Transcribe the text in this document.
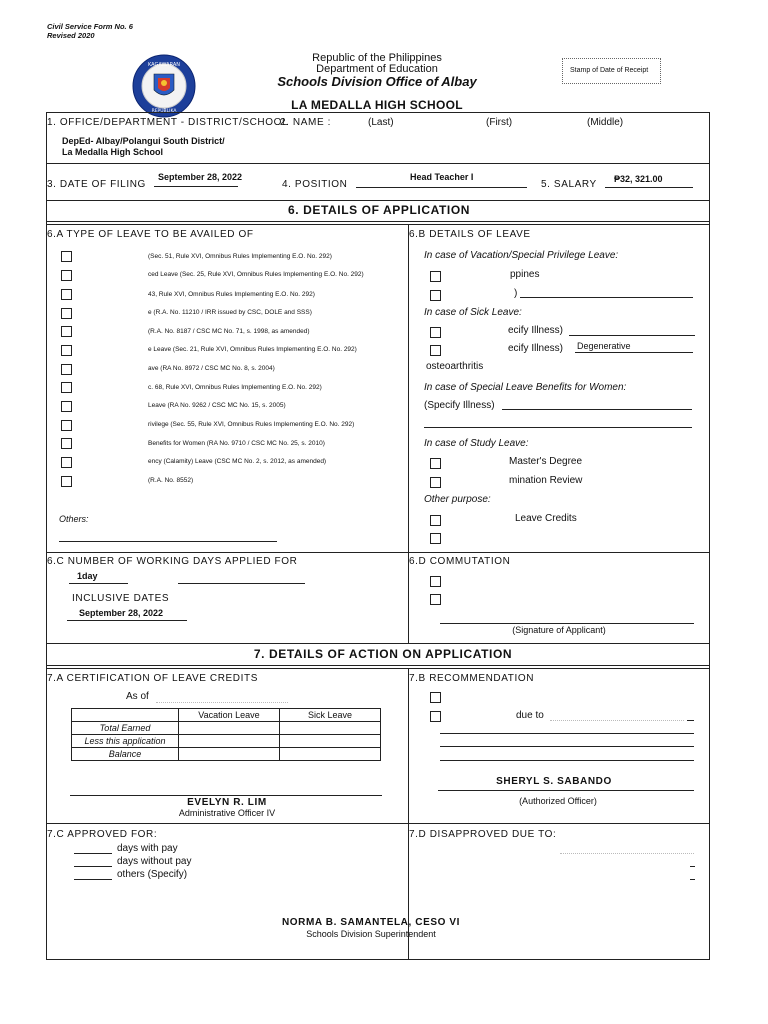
Civil Service Form No. 6
Revised 2020
KAGAWARAN
REPUBLIKA
Republic of the Philippines
Department of Education
Schools Division Office of Albay
LA MEDALLA HIGH SCHOOL
Stamp of Date of Receipt
1. OFFICE/DEPARTMENT - DISTRICT/SCHOOL
2. NAME :	(Last)	(First)	(Middle)
DepEd- Albay/Polangui South District/
La Medalla High School
3. DATE OF FILING
September 28, 2022
4. POSITION
Head Teacher I
5. SALARY ₱32, 321.00
6. DETAILS OF APPLICATION
6.A TYPE OF LEAVE TO BE AVAILED OF
(Sec. 51, Rule XVI, Omnibus Rules Implementing E.O. No. 292)
ced Leave (Sec. 25, Rule XVI, Omnibus Rules Implementing E.O. No. 292)
43, Rule XVI, Omnibus Rules Implementing E.O. No. 292)
e (R.A. No. 11210 / IRR issued by CSC, DOLE and SSS)
(R.A. No. 8187 / CSC MC No. 71, s. 1998, as amended)
e Leave (Sec. 21, Rule XVI, Omnibus Rules Implementing E.O. No. 292)
ave (RA No. 8972 / CSC MC No. 8, s. 2004)
c. 68, Rule XVI, Omnibus Rules Implementing E.O. No. 292)
Leave (RA No. 9262 / CSC MC No. 15, s. 2005)
rivilege (Sec. 55, Rule XVI, Omnibus Rules Implementing E.O. No. 292)
Benefits for Women (RA No. 9710 / CSC MC No. 25, s. 2010)
ency (Calamity) Leave (CSC MC No. 2, s. 2012, as amended)
(R.A. No. 8552)
Others:
6.B DETAILS OF LEAVE
In case of Vacation/Special Privilege Leave:
ppines
)
In case of Sick Leave:
ecify Illness)
ecify Illness) Degenerative
osteoarthritis
In case of Special Leave Benefits for Women:
(Specify Illness)
In case of Study Leave:
Master's Degree
mination Review
Other purpose:
Leave Credits
6.C NUMBER OF WORKING DAYS APPLIED FOR
1day
INCLUSIVE DATES
September 28, 2022
6.D COMMUTATION
(Signature of Applicant)
7. DETAILS OF ACTION ON APPLICATION
7.A CERTIFICATION OF LEAVE CREDITS
As of
	Vacation Leave	Sick Leave
Total Earned		
Less this application		
Balance		
EVELYN R. LIM
Administrative Officer IV
7.B RECOMMENDATION
due to
SHERYL S. SABANDO
(Authorized Officer)
7.C APPROVED FOR:
days with pay
days without pay
others (Specify)
7.D DISAPPROVED DUE TO:
NORMA B. SAMANTELA, CESO VI
Schools Division Superintendent
